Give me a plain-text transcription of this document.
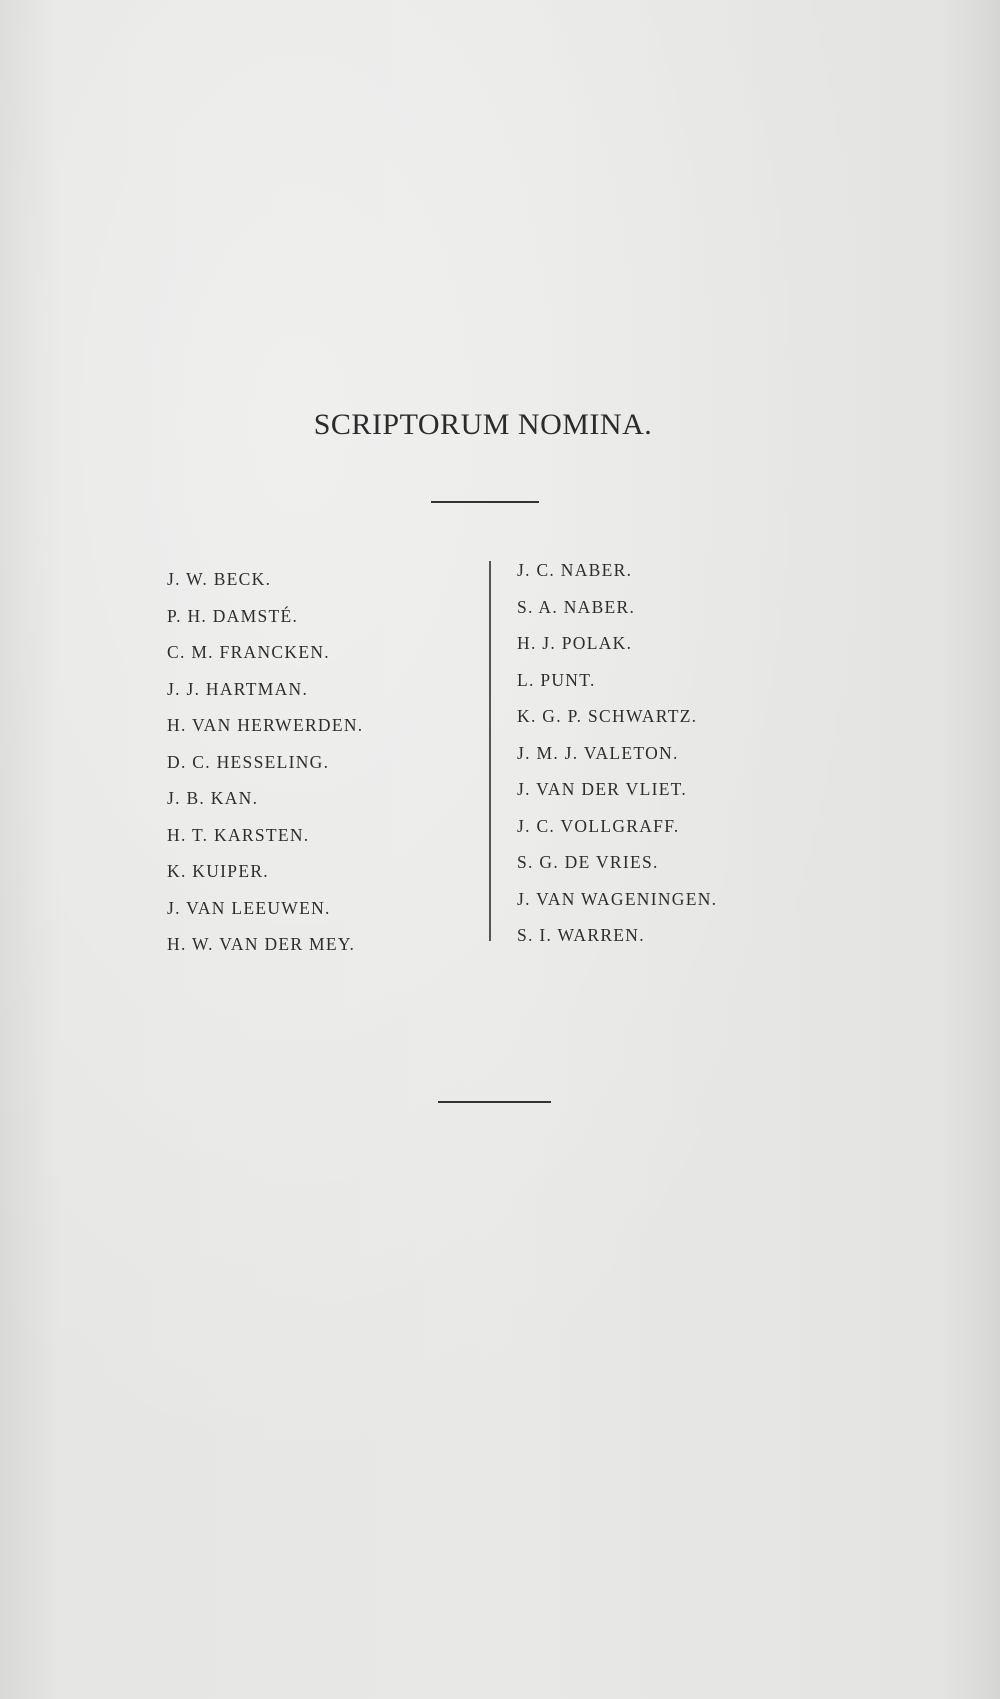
SCRIPTORUM NOMINA.
J. W. BECK.
P. H. DAMSTÉ.
C. M. FRANCKEN.
J. J. HARTMAN.
H. VAN HERWERDEN.
D. C. HESSELING.
J. B. KAN.
H. T. KARSTEN.
K. KUIPER.
J. VAN LEEUWEN.
H. W. VAN DER MEY.
J. C. NABER.
S. A. NABER.
H. J. POLAK.
L. PUNT.
K. G. P. SCHWARTZ.
J. M. J. VALETON.
J. VAN DER VLIET.
J. C. VOLLGRAFF.
S. G. DE VRIES.
J. VAN WAGENINGEN.
S. I. WARREN.
